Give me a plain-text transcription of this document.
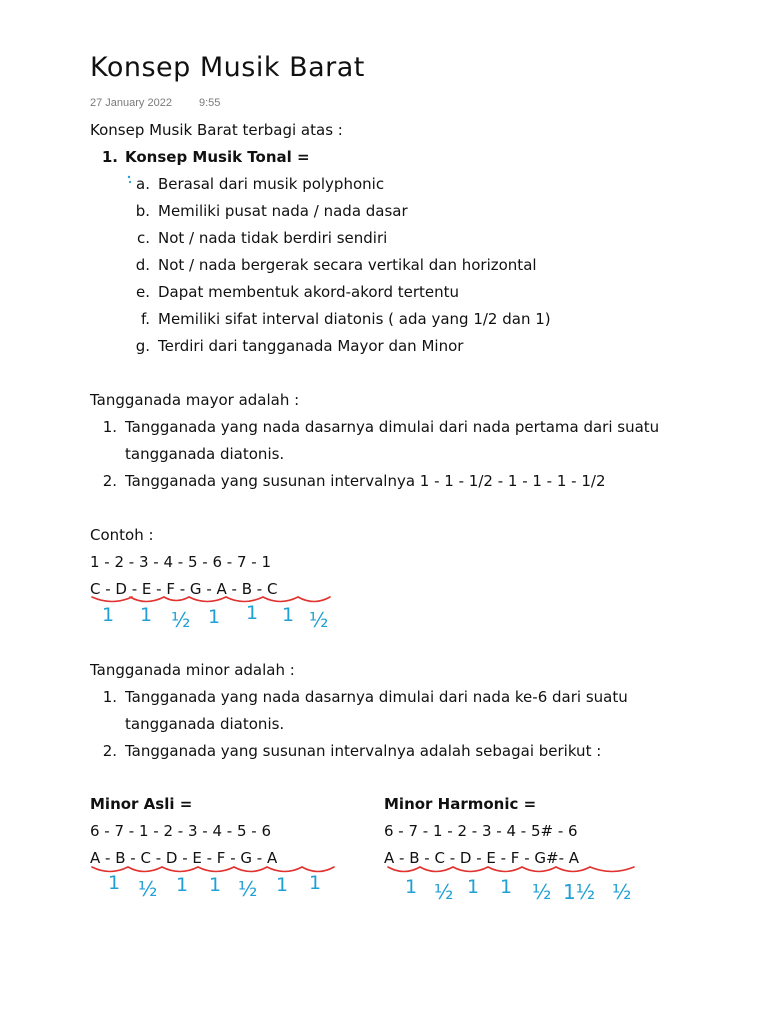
Konsep Musik Barat
27 January 2022 9:55
Konsep Musik Barat terbagi atas :
1. Konsep Musik Tonal =
a. Berasal dari musik polyphonic
b. Memiliki pusat nada / nada dasar
c. Not / nada tidak berdiri sendiri
d. Not / nada bergerak secara vertikal dan horizontal
e. Dapat membentuk akord-akord tertentu
f. Memiliki sifat interval diatonis ( ada yang 1/2 dan 1)
g. Terdiri dari tangganada Mayor dan Minor
Tangganada mayor adalah :
1. Tangganada yang nada dasarnya dimulai dari nada pertama dari suatu
tangganada diatonis.
2. Tangganada yang susunan intervalnya 1 - 1 - 1/2 - 1 - 1 - 1 - 1/2
Contoh :
1 - 2 - 3 - 4 - 5 - 6 - 7 - 1
C - D - E - F - G - A - B - C
1 1 ½ 1 1 1 ½
Tangganada minor adalah :
1. Tangganada yang nada dasarnya dimulai dari nada ke-6 dari suatu
tangganada diatonis.
2. Tangganada yang susunan intervalnya adalah sebagai berikut :
Minor Asli =
6 - 7 - 1 - 2 - 3 - 4 - 5 - 6
A - B - C - D - E - F - G - A
1 ½ 1 1 ½ 1 1
Minor Harmonic =
6 - 7 - 1 - 2 - 3 - 4 - 5# - 6
A - B - C - D - E - F - G#- A
1 ½ 1 1 ½ 1½ ½
